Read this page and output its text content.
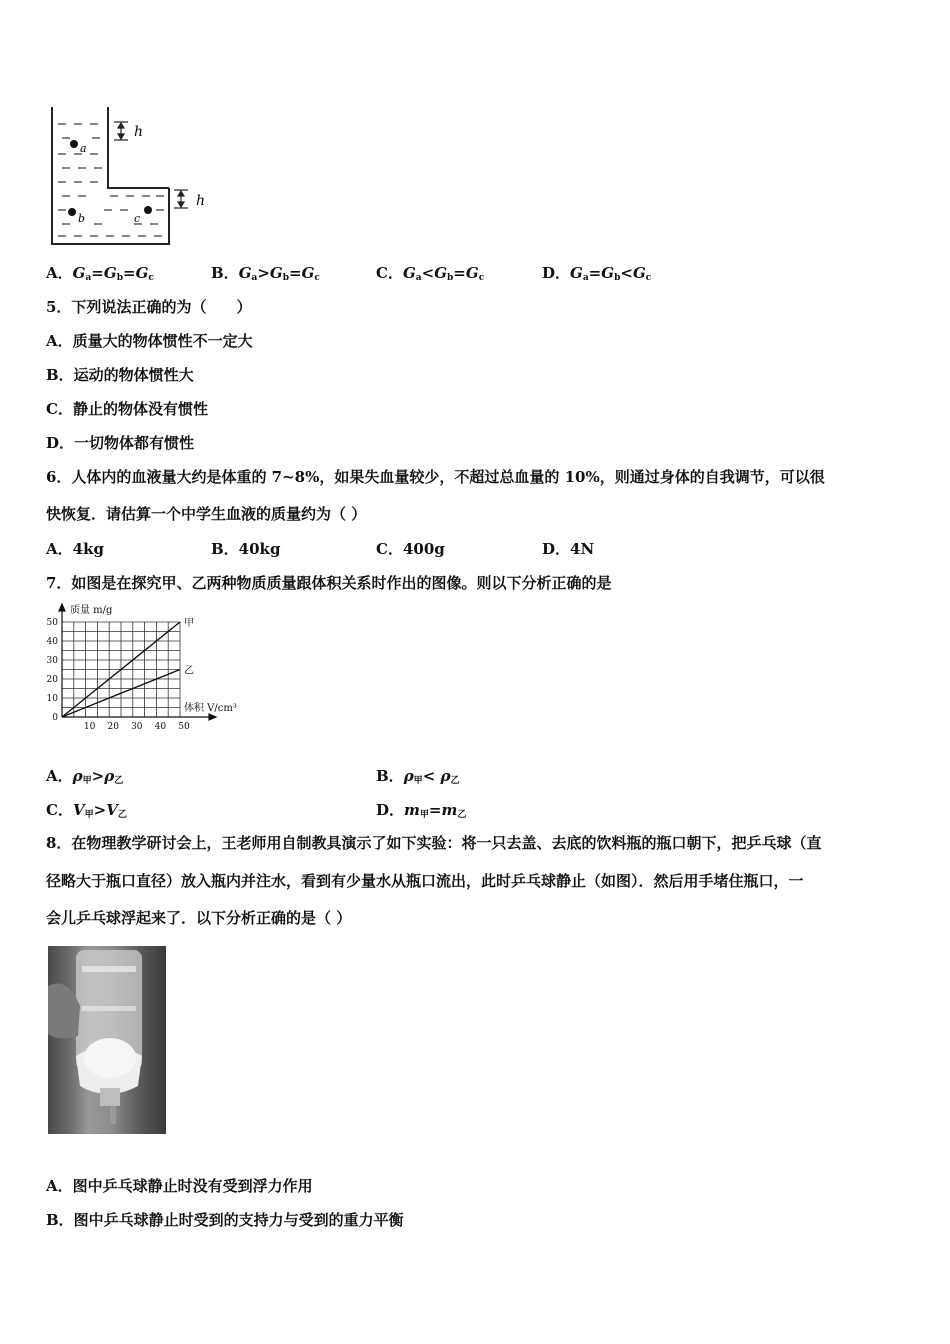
a
b	c
h
h
A．$G_a=G_b=G_c$	B．$G_a>G_b=G_c$	C．$G_a<G_b=G_c$	D．$G_a=G_b<G_c$
5．下列说法正确的为（　　）
A．质量大的物体惯性不一定大
B．运动的物体惯性大
C．静止的物体没有惯性
D．一切物体都有惯性
6．人体内的血液量大约是体重的 7~8%，如果失血量较少，不超过总血量的 10%，则通过身体的自我调节，可以很
快恢复．请估算一个中学生血液的质量约为（ ）
A．4kg	B．40kg	C．400g	D．4N
7．如图是在探究甲、乙两种物质质量跟体积关系时作出的图像。则以下分析正确的是
0
10
20
30
40
50
10 20 30 40 50
甲
乙
质量 m/g
体积 V/cm³
A．$\rho_甲>\rho_乙$	B．$\rho_甲< \rho_乙$
C．$V_甲>V_乙$	D．$m_甲=m_乙$
8．在物理教学研讨会上，王老师用自制教具演示了如下实验：将一只去盖、去底的饮料瓶的瓶口朝下，把乒乓球（直
径略大于瓶口直径）放入瓶内并注水，看到有少量水从瓶口流出，此时乒乓球静止（如图）．然后用手堵住瓶口，一
会儿乒乓球浮起来了．以下分析正确的是（ ）
A．图中乒乓球静止时没有受到浮力作用
B．图中乒乓球静止时受到的支持力与受到的重力平衡
